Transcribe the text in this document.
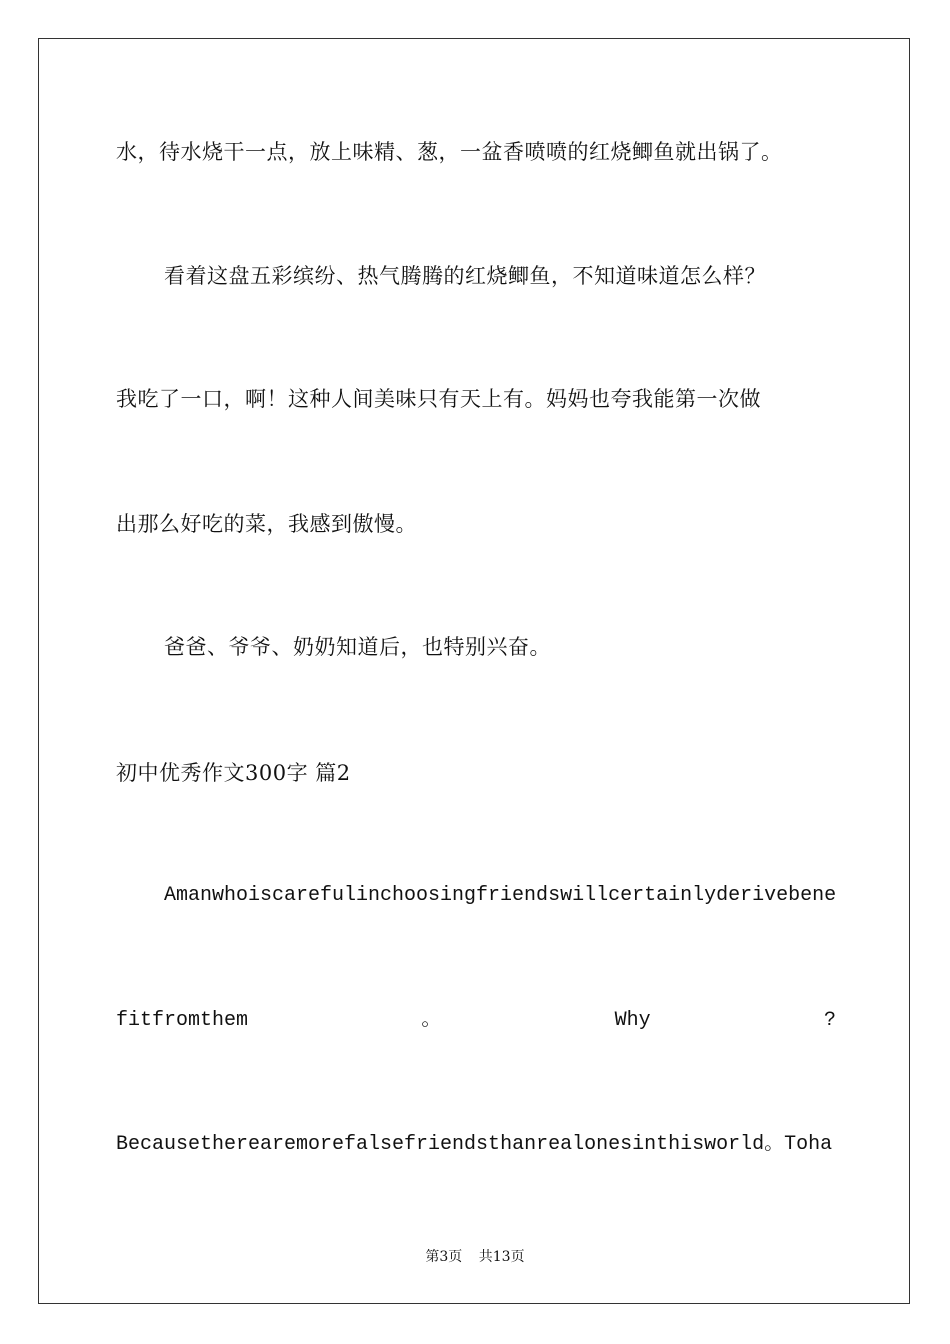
水，待水烧干一点，放上味精、葱，一盆香喷喷的红烧鲫鱼就出锅了。
看着这盘五彩缤纷、热气腾腾的红烧鲫鱼，不知道味道怎么样？
我吃了一口，啊！这种人间美味只有天上有。妈妈也夸我能第一次做
出那么好吃的菜，我感到傲慢。
爸爸、爷爷、奶奶知道后，也特别兴奋。
初中优秀作文300字 篇2
Amanwhoiscarefulinchoosingfriendswillcertainlyderivebene
fitfromthem	。	Why	?
Becausetherearemorefalsefriendsthanrealonesinthisworld。Toha
第3页 共13页
